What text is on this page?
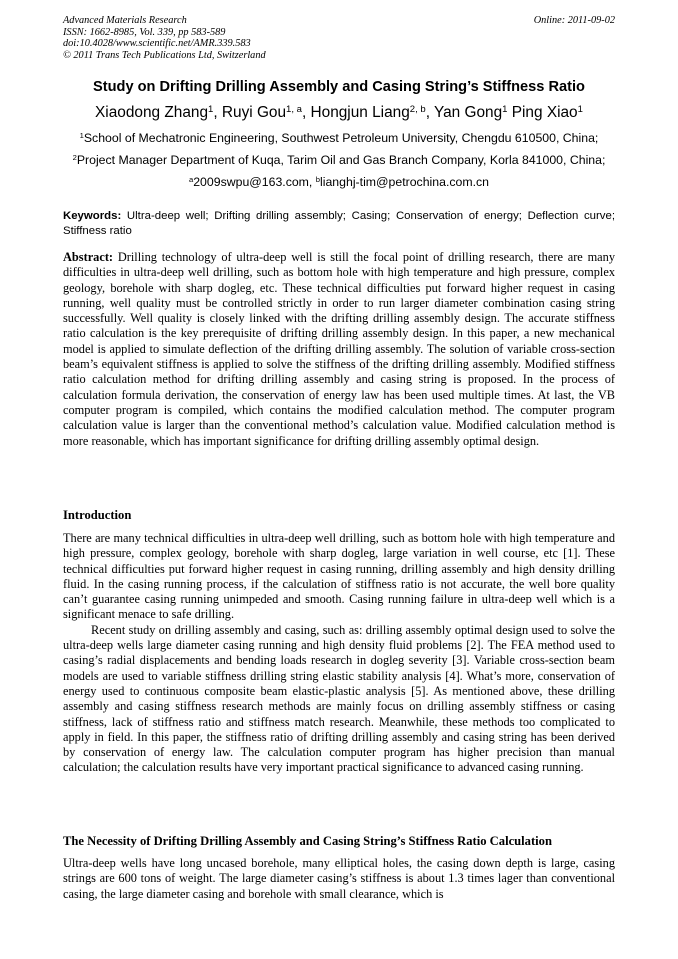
Advanced Materials Research
ISSN: 1662-8985, Vol. 339, pp 583-589
doi:10.4028/www.scientific.net/AMR.339.583
© 2011 Trans Tech Publications Ltd, Switzerland
Online: 2011-09-02
Study on Drifting Drilling Assembly and Casing String’s Stiffness Ratio
Xiaodong Zhang$^1$, Ruyi Gou$^{1, a}$, Hongjun Liang$^{2, b}$, Yan Gong$^1$ Ping Xiao$^1$
$^1$School of Mechatronic Engineering, Southwest Petroleum University, Chengdu 610500, China;
$^2$Project Manager Department of Kuqa, Tarim Oil and Gas Branch Company, Korla 841000, China;
$^a$2009swpu@163.com, $^b$lianghj-tim@petrochina.com.cn
Keywords: Ultra-deep well; Drifting drilling assembly; Casing; Conservation of energy; Deflection curve; Stiffness ratio
Abstract: Drilling technology of ultra-deep well is still the focal point of drilling research, there are many difficulties in ultra-deep well drilling, such as bottom hole with high temperature and high pressure, complex geology, borehole with sharp dogleg, etc. These technical difficulties put forward higher request in casing running, well quality must be controlled strictly in order to run larger diameter combination casing string successfully. Well quality is closely linked with the drifting drilling assembly design. The accurate stiffness ratio calculation is the key prerequisite of drifting drilling assembly design. In this paper, a new mechanical model is applied to simulate deflection of the drifting drilling assembly. The solution of variable cross-section beam’s equivalent stiffness is applied to solve the stiffness of the drifting drilling assembly. Modified stiffness ratio calculation method for drifting drilling assembly and casing string is proposed. In the process of calculation formula derivation, the conservation of energy law has been used multiple times. At last, the VB computer program is compiled, which contains the modified calculation method. The computer program calculation value is larger than the conventional method’s calculation value. Modified calculation method is more reasonable, which has important significance for drifting drilling assembly optimal design.
Introduction

There are many technical difficulties in ultra-deep well drilling, such as bottom hole with high temperature and high pressure, complex geology, borehole with sharp dogleg, large variation in well course, etc [1]. These technical difficulties put forward higher request in casing running, drilling assembly and high density drilling fluid. In the casing running process, if the calculation of stiffness ratio is not accurate, the well bore quality can’t guarantee casing running unimpeded and smooth. Casing running failure in ultra-deep well which is a significant menace to safe drilling.

Recent study on drilling assembly and casing, such as: drilling assembly optimal design used to solve the ultra-deep wells large diameter casing running and high density fluid problems [2]. The FEA method used to casing’s radial displacements and bending loads research in dogleg severity [3]. Variable cross-section beam models are used to variable stiffness drilling string elastic stability analysis [4]. What’s more, conservation of energy used to continuous composite beam elastic-plastic analysis [5]. As mentioned above, these drilling assembly and casing stiffness research methods are mainly focus on drilling assembly stiffness or casing stiffness, lack of stiffness ratio and stiffness match research. Meanwhile, these methods too complicated to apply in field. In this paper, the stiffness ratio of drifting drilling assembly and casing string has been derived by conservation of energy law. The calculation computer program has higher precision than manual calculation; the calculation results have very important practical significance to advanced casing running.

The Necessity of Drifting Drilling Assembly and Casing String’s Stiffness Ratio Calculation
Ultra-deep wells have long uncased borehole, many elliptical holes, the casing down depth is large, casing strings are 600 tons of weight. The large diameter casing’s stiffness is about 1.3 times lager than conventional casing, the large diameter casing and borehole with small clearance, which is
